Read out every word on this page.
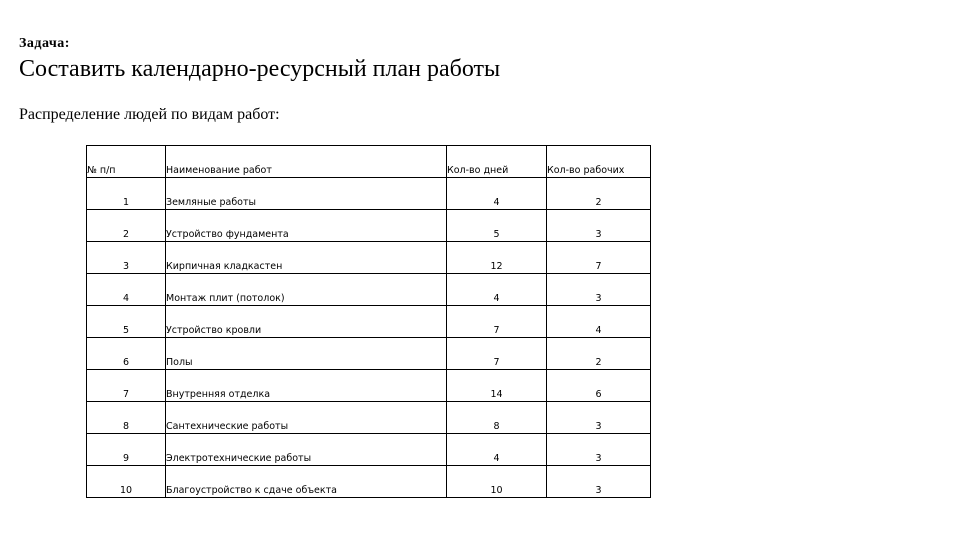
Задача:
Составить календарно-ресурсный план работы
Распределение людей по видам работ:
№ п/п	Наименование работ	Кол-во дней	Кол-во рабочих
1	Земляные работы	4	2
2	Устройство фундамента	5	3
3	Кирпичная кладкастен	12	7
4	Монтаж плит (потолок)	4	3
5	Устройство кровли	7	4
6	Полы	7	2
7	Внутренняя отделка	14	6
8	Сантехнические работы	8	3
9	Электротехнические работы	4	3
10	Благоустройство к сдаче объекта	10	3
